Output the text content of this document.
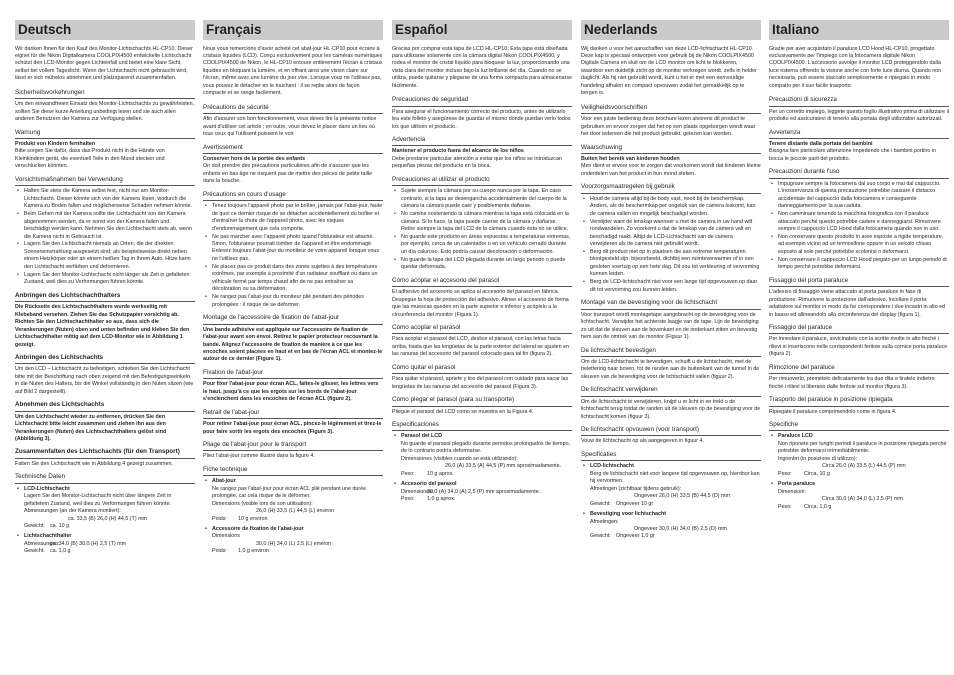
Deutsch

Wir danken Ihnen für den Kauf des Monitor-Lichtschachts HL-CP10. Dieser eignet für die Nikon Digitalkamera COOLPIX4500 entwickelte Lichtschacht schützt den LCD-Monitor gegen Lichteinfall und bietet eine klare Sicht, selbst bei vollem Tageslicht. Wenn der Lichtschacht nicht gebraucht wird, lässt er sich mühelos abnehmen und platzsparend zusammenfalten.

Sicherheitsvorkehrungen

Um den einwandfreien Einsatz des Monitor-Lichtschachts zu gewährleisten, sollten Sie diese kurze Anleitung unbedingt lesen und sie auch allen anderen Benutzern der Kamera zur Verfügung stellen.

Warnung

Produkt von Kindern fernhalten

Bitte sorgen Sie dafür, dass das Produkt nicht in die Hände von Kleinkindern gerät, die eventuell Teile in den Mund stecken und verschlucken könnten.

Vorsichtsmaßnahmen bei Verwendung
• Halten Sie stets die Kamera selbst fest, nicht nur am Monitor-Lichtschacht. Dieser könnte sich von der Kamera lösen, wodurch die Kamera zu Boden fallen und möglicherweise Schaden nehmen könnte.
• Beim Gehen mit der Kamera sollte der Lichtschacht von der Kamera abgenommen werden, da er sonst von der Kamera fallen und beschädigt werden kann. Nehmen Sie den Lichtschacht stets ab, wenn die Kamera nicht in Gebrauch ist.
• Lagern Sie den Lichtschacht niemals an Orten, die der direkten Sonneneinstrahlung ausgesetzt sind; als beispielsweise direkt neben einem Heizkörper oder an einem heißen Tag in Ihrem Auto. Hitze kann den Lichtschacht verfärben und deformieren.
• Lagern Sie den Monitor-Lichtschacht nicht länger als Zeit in gefalteten Zustand, weil dies zu Verformungen führen könnte.
Anbringen des Lichtschachthalters

Die Rückseite des Lichtschachthalters wurde werkseitig mit Klebeband versehen. Ziehen Sie das Schutzpapier vorsichtig ab. Richten Sie den Lichtschachthalter so aus, dass sich die Verankerungen (Nuten) oben und unten befinden und kleben Sie den Lichtschachthalter mittig auf dem LCD-Monitor wie in Abbildung 1 gezeigt.

Anbringen des Lichtschachts

Um den LCD – Lichtschacht zu befestigen, schieben Sie den Lichtschacht bitte mit der Beschriftung nach oben zeigend mit den Befestigungswinkeln in die Nuten des Halters, bis die Winkel vollständig in den Nuten sitzen (wie auf Bild 2 dargestellt).

Abnehmen des Lichtschachts

Um den Lichtschacht wieder zu entfernen, drücken Sie den Lichtschacht bitte leicht zusammen und ziehen ihn aus den Verankerungen (Nuten) des Lichtschachthalters gelöst sind (Abbildung 3).

Zusammenfalten des Lichtschachts (für den Transport)

Falten Sie den Lichtschacht wie in Abbildung 4 gezeigt zusammen.

Technische Daten

• LCD-Lichtschacht

Lagern Sie den Monitor-Lichtschacht nicht über längere Zeit in gefaltetem Zustand, weil dies zu Verformungen führen könnte.

Abmessungen (an der Kamera montiert):

ca. 33,5 (B) 26,0 (H) 44,5 (T) mm
Gewicht: ca. 10 g

• Lichtschachthalter

Abmessungen:
ca. 34,0 (B) 30,0 (H) 2,5 (T) mm
Gewicht: ca. 1,0 g
Français

Nous vous remercions d'avoir acheté cet abat-jour HL-CP10 pour écrans à cristaux liquides (LCD). Conçu exclusivement pour les caméras numériques COOLPIX4500 de Nikon, le HL-CP10 entoure entièrement l'écran à cristaux liquides en bloquant la lumière, et en offrant ainsi une vision claire sur l'écran, même avec une lumière du jour vive. Lorsque vous ne l'utilisez pas, vous pouvez le détacher en le touchant : il se replie alors de façon compacte et se range facilement.

Précautions de sécurité

Afin d'assurer son bon fonctionnement, vous devez lire la présente notice avant d'utiliser cet article ; en outre, vous devez le placer dans un lieu où tous ceux qui l'utilisent puissent le voir.

Avertissement

Conserver hors de la portée des enfants

On doit prendre des précautions particulières afin de s'assurer que les enfants en bas âge ne risquent pas de mettre des pièces de petite taille dans la bouche.

Précautions en cours d'usage
• Tenez toujours l'appareil photo par le boîtier, jamais par l'abat-jour, faute de quoi ce dernier risque de se détacher accidentellement du boîtier et d'entraîner la chute de l'appareil photo, avec les risques d'endommagement que cela comporte.
• Ne pas marcher avec l'appareil photo quand l'obturateur est attaché. Sinon, l'obturateur pourrait tomber de l'appareil et être endommagé. Enlevez toujours l'abat-jour du moniteur de votre appareil lorsque vous ne l'utilisez pas.
• Ne placez pas ce produit dans des zones sujettes à des températures extrêmes, par exemple à proximité d'un radiateur soufflant ou dans un véhicule fermé par temps chaud afin de ne pas entraîner sa décoloration ou sa déformation.
• Ne rangez pas l'abat-jour du moniteur plié pendant des périodes prolongées : il risque de se déformer.
Montage de l'accessoire de fixation de l'abat-jour

Une bande adhésive est appliquée sur l'accessoire de fixation de l'abat-jour avant son envoi. Retirez le papier protecteur recouvrant la bande. Alignez l'accessoire de fixation de manière à ce que les encoches soient placées en haut et en bas de l'écran ACL et montez-le autour de ce dernier (Figure 1).

Fixation de l'abat-jour

Pour fixer l'abat-jour pour écran ACL, faites-le glisser, les lettres vers le haut, jusqu'à ce que les ergots sur les bords de l'abat-jour s'enclenchent dans les encoches de l'écran ACL (figure 2).

Retrait de l'abat-jour

Pour retirer l'abat-jour pour écran ACL, pincez-le légèrement et tirez-le pour faire sortir les ergots des encoches (Figure 3).

Pliage de l'abat-jour pour le transport

Pliez l'abat-jour comme illustré dans la figure 4.

Fiche technique

• Abat-jour

Ne rangez pas l'abat-jour pour écran ACL plié pendant une durée prolongée, car cela risque de le déformer.

Dimensions (visible lors de son utilisation):

26,0 (H) 33,5 (L) 44,5 (L) environ
Poids:	10 g environ

• Accessoire de fixation de l'abat-jour

Dimensions

30,0 (H) 34,0 (L) 2,5 (L) environ
Poids:	1,0 g environ
Español

Gracias por comprar esta tapa de LCD HL-CP10. Esta tapa está diseñada para utilizarse solamente con la cámara digital Nikon COOLPIX4500, y rodea el monitor de cristal líquido para bloquear la luz, proporcionando una vista clara del monitor incluso bajo la luz brillante del día. Cuando no se utiliza, puede quitarse y plegarse de una forma compacta para almacenarse fácilmente.

Precauciones de seguridad

Para asegurar el funcionamiento correcto del producto, antes de utilizarlo lea este folleto y asegúrese de guardar el mismo donde puedan verlo todos los que utilicen el producto.

Advertencia

Mantener el producto fuera del alcance de los niños

Debe prestarse particular atención a evitar que los niños se introduzcan pequeñas piezas del producto en la boca.

Precauciones al utilizar el producto
• Sujete siempre la cámara por su cuerpo nunca por la tapa. En caso contrario, si la tapa se desengancha accidentalmente del cuerpo de la cámara la cámara puede caer y posiblemente dañarse.
• No camine sosteniendo la cámara mientras la tapa está colocada en la cámara. Si lo hace, la tapa puede caerse de la cámara y dañarse. Retire siempre la tapa del LCD de la cámara cuando ésta no se utilice.
• No guarde este producto en áreas expuestas a temperaturas extremas, por ejemplo, cerca de un calentador o en un vehículo cerrado durante un día caluroso. Esto podría causar decoloración o deformación.
• No guarde la tapa del LCD plegada durante un largo periodo o puede quedar deformada.
Cómo acoplar el accesorio del parasol

El adhesivo del accesorio se aplica al accesorio del parasol en fábrica. Despegue la hoja de protección del adhesivo. Alinee el accesorio de forma que las muescas queden en la parte superior e inferior y acóplelo a la circunferencia del monitor (Figura 1).

Cómo acoplar el parasol

Para acoplar el parasol del LCD, deslice el parasol, con las letras hacia arriba, hasta que las lengüetas de la parte exterior del lateral se ajusten en las ranuras del accesorio del parasol colocado para tal fin (figura 2).

Cómo quitar el parasol

Para quitar el parasol, apriete y tire del parasol con cuidado para sacar las lengüetas de las ranuras del accesorio del parasol (Figura 3).

Cómo plegar el parasol (para su transporte)

Pliegue el parasol del LCD como se muestra en la Figura 4.

Especificaciones

• Parasol del LCD

No guarde el parasol plegado durante periodos prolongados de tiempo, de lo contrario podría deformarse.

Dimensiones (visibles cuando se está utilizando):

26,0 (A) 33,5 (A) 44,5 (P) mm aproximadamente.
Peso:	10 g aprox.

• Accesorio del parasol

Dimensiones:
30,0 (A) 34,0 (A) 2,5 (P) mm aproximadamente.
Peso:	1,0 g aprox.
Nederlands

Wij danken u voor het aanschaffen van deze LCD-lichtschacht HL-CP10. Deze kap is speciaal ontworpen voor gebruik bij de Nikon COOLPIX4500 Digitale Camera en sluit om de LCD monitor om licht te blokkeren, waardoor een duidelijk zicht op de monitor verkregen wordt, zelfs in helder daglicht. Als hij niet gebruikt wordt, kunt u het er met een eenvoudige handeling afhalen en compact opvouwen zodat het gemakkelijk op te bergen is.

Veiligheidsvoorschriften

Voor een juiste bediening deze brochure lezen alvorens dit product te gebruiken en ervoor zorgen dat het op een plaats opgeborgen wordt waar het door iedereen die het product gebruikt, gelezen kan worden.

Waarschuwing

Buiten het bereik van kinderen houden

Men dient er ervoor voor te zorgen dat voorkomen wordt dat kinderen kleine onderdelen van het product in hun mond steken.

Voorzorgsmaatregelen bij gebruik
• Houd de camera altijd bij de body vast, nooit bij de beschermkap. Anders, als de beschermkap per ongeluk van de camera loskomt, kan de camera vallen en mogelijk beschadigd worden.
• Verwijder want de lenskap wanneer u met de camera in uw hand wilt rondwandelen. Zo voorkomt u dat de lenskap van de camera valt en beschadigd raakt. Altijd de LCD-Lichtschacht van de camera verwijderen als de camera niet gebruikt wordt.
• Berg dit product niet op in plaatsen die aan extreme temperaturen blootgesteld zijn, bijvoorbeeld, dichtbij een ruimteverwarmer of in een gesloten voertuig op een hete dag. Dit zou tot verkleuring of vervorming kunnen leiden.
• Berg de LCD-lichtschacht niet voor een lange tijd opgevouwen op daar dit tot vervorming zou kunnen leiden.
Montage van de bevestiging voor de lichtschacht

Voor transport wordt montagetape aangebracht op de bevestiging voor de lichtschacht. Verwijder het achterste laagje van de tape. Lijn de bevestiging zo uit dat de sleuven aan de bovenkant en de onderkant zitten en bevestig hem aan de omtrek van de monitor (Figuur 1).

De lichtschacht bevestigen

Om de LCD-lichtschacht te bevestigen, schuift u de lichtschacht, met de belettering naar boven, tot de randen aan de buitenkant van de tunnel in de sleuven van de bevestiging voor de lichtschacht vallen (figuur 2).

De lichtschacht verwijderen

Om de lichtschacht te verwijderen, knijpt u er licht in en trekt u de lichtschacht terug totdat de randen uit de sleuven op de bevestiging voor de lichtschacht komen (figuur 3).

De lichtschacht opvouwen (voor transport)

Vouw de lichtschacht op als aangegeven in figuur 4.

Specificaties

• LCD-lichtschacht

Berg de lichtschacht niet voor langere tijd opgevouwen op, hierdoor kan hij vervormen.

Afmetingen (zichtbaar tijdens gebruik):

Ongeveer 26,0 (H) 33,5 (B) 44,5 (D) mm
Gewicht: Ongeveer 10 gr

• Bevestiging voor lichtschacht

Afmetingen:

Ongeveer 30,0 (H) 34,0 (B) 2,5 (D) mm
Gewicht: Ongeveer 1,0 gr
Italiano

Grazie per aver acquistato il paraluce LCD Hood HL-CP10, progettato esclusivamente per l'impiego con la fotocamera digitale Nikon COOLPIX4500. L'accessorio avvolge il monitor LCD proteggendolo dalla luce esterna offrendo la visione anche con forte luce diurna. Quando non necessaria, può essere staccato semplicemente e ripiegato in modo compatto per il suo facile trasporto.

Precauzioni di sicurezza

Per un corretto impiego, leggete questo foglio illustrativo prima di utilizzare il prodotto ed assicuratevi di tenerlo alla portata degli utilizzatori autorizzati.

Avvertenza

Tenere distante dalla portata dei bambini

Bisogna fare particolare attenzione impedendo che i bambini portino in bocca le piccole parti del prodotto.

Precauzioni durante l'uso
• Impugnare sempre la fotocamera dal suo corpo e mai dal cappuccio. L'inosservanza di questa precauzione potrebbe causare il distacco accidentale del cappuccio dalla fotocamera e conseguente danneggiamento per la sua caduta.
• Non camminare tenendo la macchina fotografica con il paraluce attaccato perché questo potrebbe cadere e danneggiarsi. Rimuovere sempre il cappuccio LCD Hood dalla fotocamera quando non in uso.
• Non conservare questo prodotto in aree esposte a rigide temperature, ad esempio vicino ad un termosifone oppure in un veicolo chiuso esposto al sole perché potrebbe scolorirsi o deformarsi.
• Non conservare il cappuccio LCD Hood piegato per un lungo periodo di tempo perché potrebbe deformarsi.
Fissaggio del porta paraluce

L'adesivo di fissaggio viene attaccato al porta paraluce in fase di produzione. Rimuovere la protezione dall'adesivo. Incollare il porta adattatore sul monitor in modo da far corrispondere i due incastri in alto ed in basso ed allineandolo alla circonferenza del display (figura 1).

Fissaggio del paraluce

Per innestare il paraluce, avvicinatelo con la scritte rivolte in alto finché i rilievi si inseriscono nelle corrispondenti feritoie sulla cornice porta paraluce (figura 2).

Rimozione del paraluce

Per rimuoverlo, premetelo delicatamente tra due dita e tiratelo indietro finché i rilievi si liberano dalle feritoie sul monitor (figura 3).

Trasporto del paraluce in posizione ripiegata

Ripiegate il paraluce comprimendolo come in figura 4.

Specifiche

• Paraluce LCD

Non riponete per lunghi periodi il paraluce in posizione ripiegata perché potrebbe deformarsi irrimediabilmente.

Ingombri (in posizione di utilizzo):

Circa 26,0 (A) 33,5 (L) 44,5 (P) mm
Peso:	Circa, 10 g

• Porta paraluce

Dimensioni:

Circa 30,0 (A) 34,0 (L) 2,5 (P) mm
Peso:	Circa, 1,0 g
